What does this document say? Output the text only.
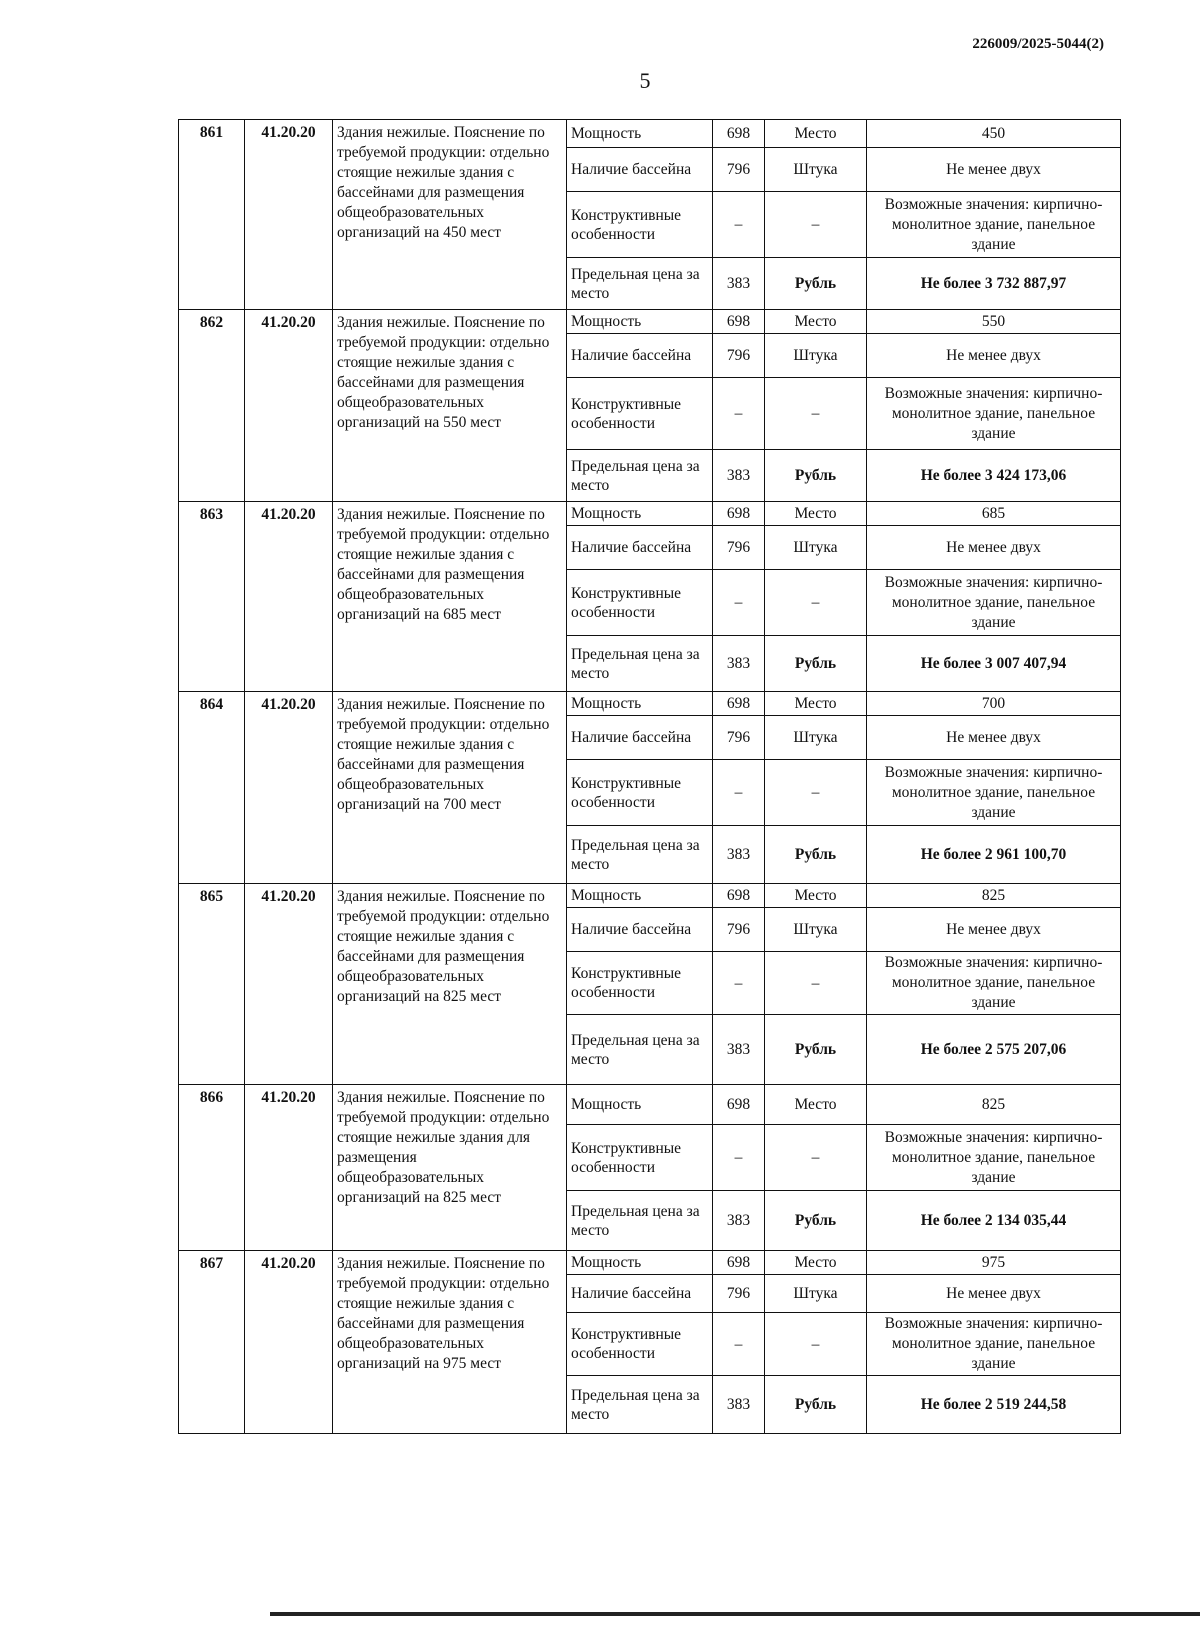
226009/2025-5044(2)
5
861	41.20.20	Здания нежилые. Пояснение по требуемой продукции: отдельно стоящие нежилые здания с бассейнами для размещения общеобразовательных организаций на 450 мест	Мощность	698	Место	450
			Наличие бассейна	796	Штука	Не менее двух
			Конструктивные особенности	–	–	Возможные значения: кирпично-монолитное здание, панельное здание
			Предельная цена за место	383	Рубль	Не более 3 732 887,97
862	41.20.20	Здания нежилые. Пояснение по требуемой продукции: отдельно стоящие нежилые здания с бассейнами для размещения общеобразовательных организаций на 550 мест	Мощность	698	Место	550
			Наличие бассейна	796	Штука	Не менее двух
			Конструктивные особенности	–	–	Возможные значения: кирпично-монолитное здание, панельное здание
			Предельная цена за место	383	Рубль	Не более 3 424 173,06
863	41.20.20	Здания нежилые. Пояснение по требуемой продукции: отдельно стоящие нежилые здания с бассейнами для размещения общеобразовательных организаций на 685 мест	Мощность	698	Место	685
			Наличие бассейна	796	Штука	Не менее двух
			Конструктивные особенности	–	–	Возможные значения: кирпично-монолитное здание, панельное здание
			Предельная цена за место	383	Рубль	Не более 3 007 407,94
864	41.20.20	Здания нежилые. Пояснение по требуемой продукции: отдельно стоящие нежилые здания с бассейнами для размещения общеобразовательных организаций на 700 мест	Мощность	698	Место	700
			Наличие бассейна	796	Штука	Не менее двух
			Конструктивные особенности	–	–	Возможные значения: кирпично-монолитное здание, панельное здание
			Предельная цена за место	383	Рубль	Не более 2 961 100,70
865	41.20.20	Здания нежилые. Пояснение по требуемой продукции: отдельно стоящие нежилые здания с бассейнами для размещения общеобразовательных организаций на 825 мест	Мощность	698	Место	825
			Наличие бассейна	796	Штука	Не менее двух
			Конструктивные особенности	–	–	Возможные значения: кирпично-монолитное здание, панельное здание
			Предельная цена за место	383	Рубль	Не более 2 575 207,06
866	41.20.20	Здания нежилые. Пояснение по требуемой продукции: отдельно стоящие нежилые здания для размещения общеобразовательных организаций на 825 мест	Мощность	698	Место	825
			Конструктивные особенности	–	–	Возможные значения: кирпично-монолитное здание, панельное здание
			Предельная цена за место	383	Рубль	Не более 2 134 035,44
867	41.20.20	Здания нежилые. Пояснение по требуемой продукции: отдельно стоящие нежилые здания с бассейнами для размещения общеобразовательных организаций на 975 мест	Мощность	698	Место	975
			Наличие бассейна	796	Штука	Не менее двух
			Конструктивные особенности	–	–	Возможные значения: кирпично-монолитное здание, панельное здание
			Предельная цена за место	383	Рубль	Не более 2 519 244,58
